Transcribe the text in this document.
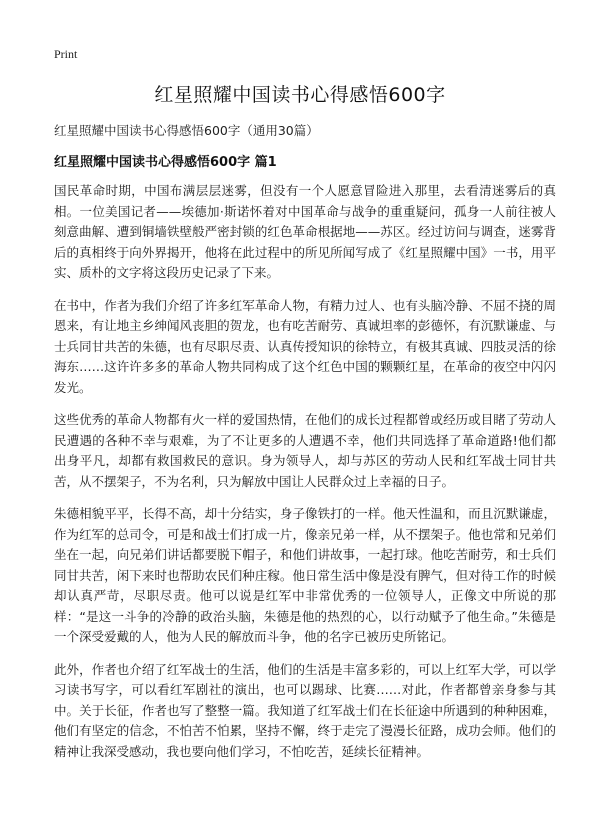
Print

红星照耀中国读书心得感悟600字

红星照耀中国读书心得感悟600字（通用30篇）

红星照耀中国读书心得感悟600字 篇1

国民革命时期，中国布满层层迷雾，但没有一个人愿意冒险进入那里，去看清迷雾后的真相。一位美国记者——埃德加·斯诺怀着对中国革命与战争的重重疑问，孤身一人前往被人刻意曲解、遭到铜墙铁壁般严密封锁的红色革命根据地——苏区。经过访问与调查，迷雾背后的真相终于向外界揭开，他将在此过程中的所见所闻写成了《红星照耀中国》一书，用平实、质朴的文字将这段历史记录了下来。

在书中，作者为我们介绍了许多红军革命人物，有精力过人、也有头脑冷静、不屈不挠的周恩来，有让地主乡绅闻风丧胆的贺龙，也有吃苦耐劳、真诚坦率的彭德怀，有沉默谦虚、与士兵同甘共苦的朱德，也有尽职尽责、认真传授知识的徐特立，有极其真诚、四肢灵活的徐海东……这许许多多的革命人物共同构成了这个红色中国的颗颗红星，在革命的夜空中闪闪发光。

这些优秀的革命人物都有火一样的爱国热情，在他们的成长过程都曾或经历或目睹了劳动人民遭遇的各种不幸与艰难，为了不让更多的人遭遇不幸，他们共同选择了革命道路!他们都出身平凡，却都有救国救民的意识。身为领导人，却与苏区的劳动人民和红军战士同甘共苦，从不摆架子，不为名利，只为解放中国让人民群众过上幸福的日子。

朱德相貌平平，长得不高，却十分结实，身子像铁打的一样。他天性温和，而且沉默谦虚，作为红军的总司令，可是和战士们打成一片，像亲兄弟一样，从不摆架子。他也常和兄弟们坐在一起，向兄弟们讲话都要脱下帽子，和他们讲故事，一起打球。他吃苦耐劳，和士兵们同甘共苦，闲下来时也帮助农民们种庄稼。他日常生活中像是没有脾气，但对待工作的时候却认真严苛，尽职尽责。他可以说是红军中非常优秀的一位领导人，正像文中所说的那样：“是这一斗争的冷静的政治头脑，朱德是他的热烈的心，以行动赋予了他生命。”朱德是一个深受爱戴的人，他为人民的解放而斗争，他的名字已被历史所铭记。

此外，作者也介绍了红军战士的生活，他们的生活是丰富多彩的，可以上红军大学，可以学习读书写字，可以看红军剧社的演出，也可以踢球、比赛……对此，作者都曾亲身参与其中。关于长征，作者也写了整整一篇。我知道了红军战士们在长征途中所遇到的种种困难，他们有坚定的信念，不怕苦不怕累，坚持不懈，终于走完了漫漫长征路，成功会师。他们的精神让我深受感动，我也要向他们学习，不怕吃苦，延续长征精神。
